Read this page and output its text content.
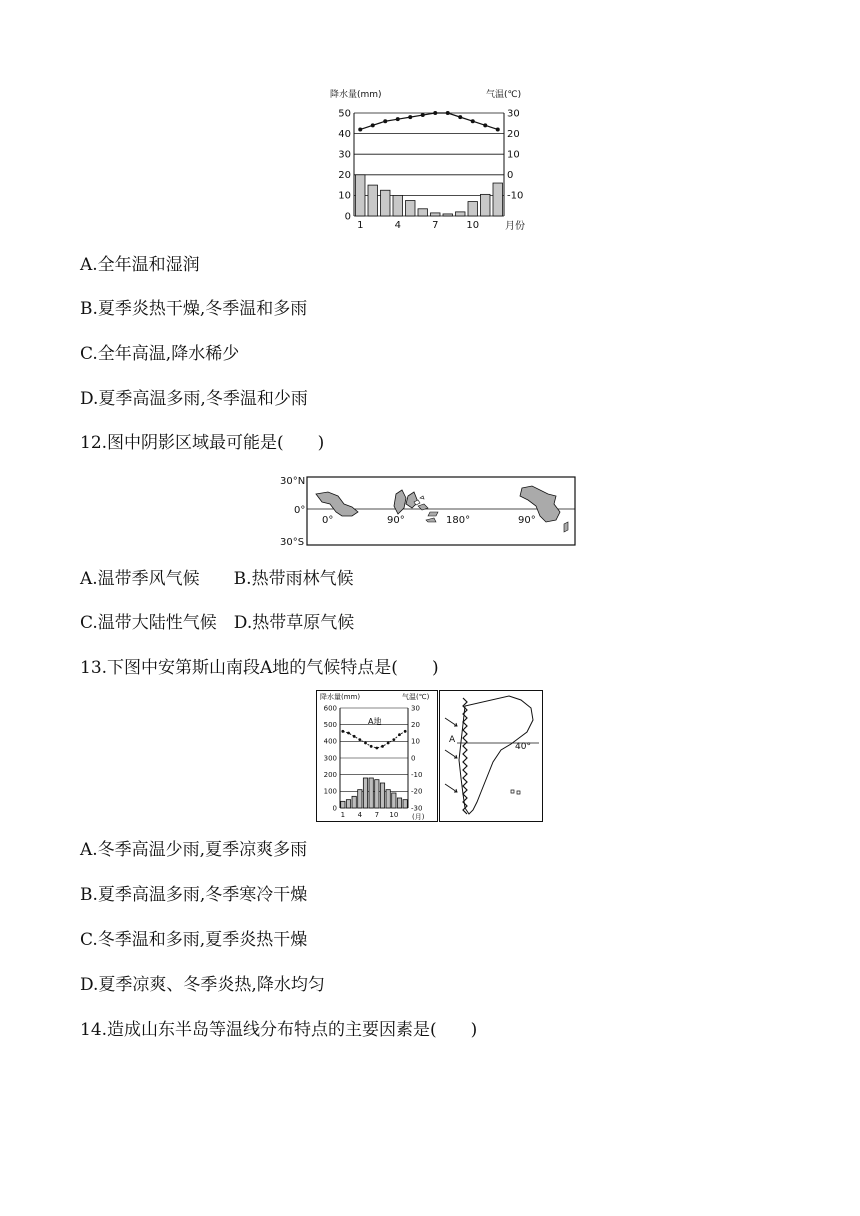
降水量(mm)	气温(℃)
50
40
30
20
10
0
30
20
10
0
-10
1	4	7	10	月份
A.全年温和湿润
B.夏季炎热干燥,冬季温和多雨
C.全年高温,降水稀少
D.夏季高温多雨,冬季温和少雨
12.图中阴影区域最可能是(　　)
30°N
0°
30°S
0°	90°	180°	90°
A.温带季风气候　　B.热带雨林气候
C.温带大陆性气候　D.热带草原气候
13.下图中安第斯山南段A地的气候特点是(　　)
降水量(mm)	气温(℃)
600
500
400
300
200
100
0
30
20
10
0
-10
-20
-30
1 4 7 10
A地
(月)
40°
A
A.冬季高温少雨,夏季凉爽多雨
B.夏季高温多雨,冬季寒冷干燥
C.冬季温和多雨,夏季炎热干燥
D.夏季凉爽、冬季炎热,降水均匀
14.造成山东半岛等温线分布特点的主要因素是(　　)
